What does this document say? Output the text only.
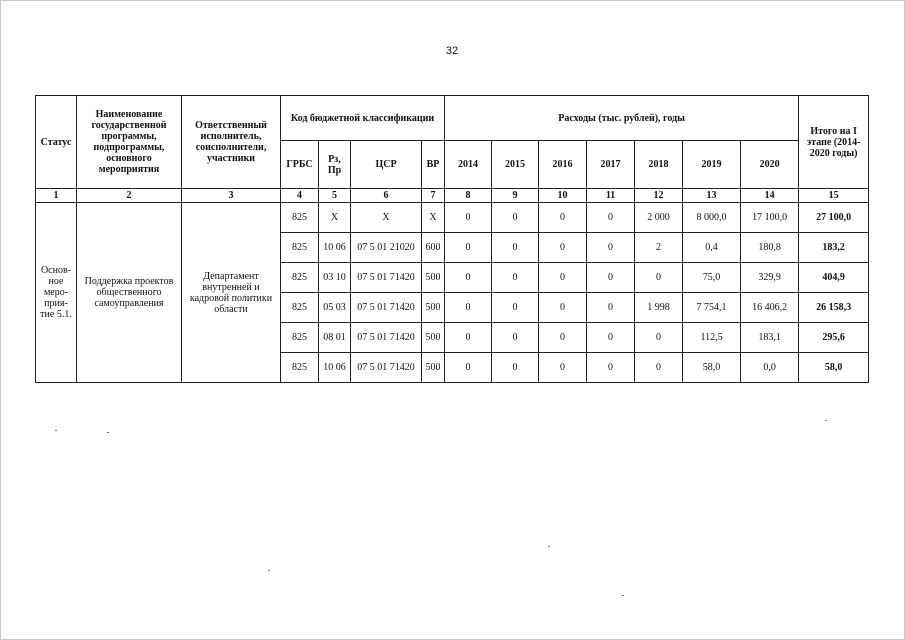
32
Статус	Наименование государственной программы, подпрограммы, основного мероприятия	Ответственный исполнитель, соисполнители, участники	Код бюджетной классификации				Расходы (тыс. рублей), годы							Итого на I этапе (2014-2020 годы)
			ГРБС	Рз, Пр	ЦСР	ВР	2014	2015	2016	2017	2018	2019	2020	
1	2	3	4	5	6	7	8	9	10	11	12	13	14	15
Основ-ное меро-прия-тие 5.1.	Поддержка проектов общественного самоуправления	Департамент внутренней и кадровой политики области	825	X	X	X	0	0	0	0	2 000	8 000,0	17 100,0	27 100,0
			825	10 06	07 5 01 21020	600	0	0	0	0	2	0,4	180,8	183,2
			825	03 10	07 5 01 71420	500	0	0	0	0	0	75,0	329,9	404,9
			825	05 03	07 5 01 71420	500	0	0	0	0	1 998	7 754,1	16 406,2	26 158,3
			825	08 01	07 5 01 71420	500	0	0	0	0	0	112,5	183,1	295,6
			825	10 06	07 5 01 71420	500	0	0	0	0	0	58,0	0,0	58,0
